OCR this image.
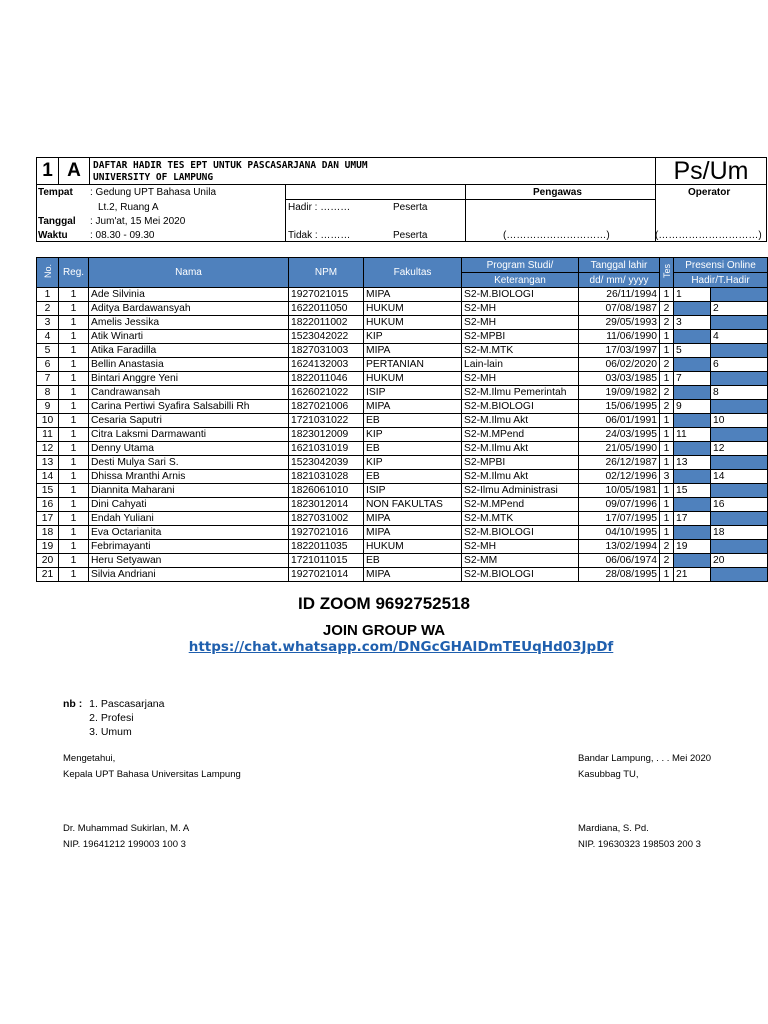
1 A	DAFTAR HADIR TES EPT UNTUK PASCASARJANA DAN UMUM
UNIVERSITY OF LAMPUNG	Ps/Um
Tempat : Gedung UPT Bahasa Unila
Lt.2, Ruang A
Tanggal : Jum'at, 15 Mei 2020
Waktu : 08.30 - 09.30
Hadir : ………	Peserta
Tidak : ………	Peserta
Pengawas
(…………………………)
Operator
(…………………………)
No.	Reg.	Nama	NPM	Fakultas	Program Studi/	Tanggal lahir	Tes	Presensi Online	
					Keterangan	dd/ mm/ yyyy		Hadir/T.Hadir	
1	1	Ade Silvinia	1927021015	MIPA	S2-M.BIOLOGI	26/11/1994	1	1	
2	1	Aditya Bardawansyah	1622011050	HUKUM	S2-MH	07/08/1987	2		2
3	1	Amelis Jessika	1822011002	HUKUM	S2-MH	29/05/1993	2	3	
4	1	Atik Winarti	1523042022	KIP	S2-MPBI	11/06/1990	1		4
5	1	Atika Faradilla	1827031003	MIPA	S2-M.MTK	17/03/1997	1	5	
6	1	Bellin Anastasia	1624132003	PERTANIAN	Lain-lain	06/02/2020	2		6
7	1	Bintari Anggre Yeni	1822011046	HUKUM	S2-MH	03/03/1985	1	7	
8	1	Candrawansah	1626021022	ISIP	S2-M.Ilmu Pemerintah	19/09/1982	2		8
9	1	Carina Pertiwi Syafira Salsabilli Rh	1827021006	MIPA	S2-M.BIOLOGI	15/06/1995	2	9	
10	1	Cesaria Saputri	1721031022	EB	S2-M.Ilmu Akt	06/01/1991	1		10
11	1	Citra Laksmi Darmawanti	1823012009	KIP	S2-M.MPend	24/03/1995	1	11	
12	1	Denny Utama	1621031019	EB	S2-M.Ilmu Akt	21/05/1990	1		12
13	1	Desti Mulya Sari S.	1523042039	KIP	S2-MPBI	26/12/1987	1	13	
14	1	Dhissa Mranthi Arnis	1821031028	EB	S2-M.Ilmu Akt	02/12/1996	3		14
15	1	Diannita Maharani	1826061010	ISIP	S2-Ilmu Administrasi	10/05/1981	1	15	
16	1	Dini Cahyati	1823012014	NON FAKULTAS	S2-M.MPend	09/07/1996	1		16
17	1	Endah Yuliani	1827031002	MIPA	S2-M.MTK	17/07/1995	1	17	
18	1	Eva Octarianita	1927021016	MIPA	S2-M.BIOLOGI	04/10/1995	1		18
19	1	Febrimayanti	1822011035	HUKUM	S2-MH	13/02/1994	2	19	
20	1	Heru Setyawan	1721011015	EB	S2-MM	06/06/1974	2		20
21	1	Silvia Andriani	1927021014	MIPA	S2-M.BIOLOGI	28/08/1995	1	21	
ID ZOOM 9692752518
JOIN GROUP WA
https://chat.whatsapp.com/DNGcGHAIDmTEUqHd03JpDf
nb : 1. Pascasarjana
2. Profesi
3. Umum
Mengetahui,
Kepala UPT Bahasa Universitas Lampung
Dr. Muhammad Sukirlan, M. A
NIP. 19641212 199003 100 3
Bandar Lampung, . . . Mei 2020
Kasubbag TU,
Mardiana, S. Pd.
NIP. 19630323 198503 200 3
